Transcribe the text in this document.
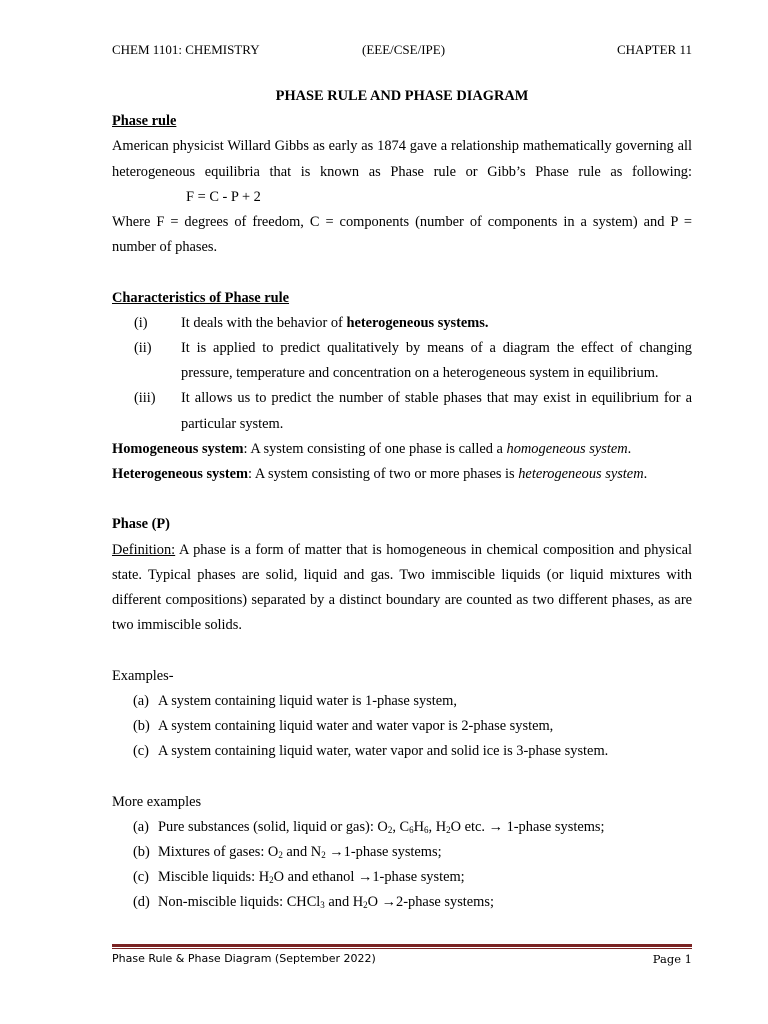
CHEM 1101: CHEMISTRY	(EEE/CSE/IPE)	CHAPTER 11

PHASE RULE AND PHASE DIAGRAM

Phase rule

American physicist Willard Gibbs as early as 1874 gave a relationship mathematically governing all heterogeneous equilibria that is known as Phase rule or Gibb’s Phase rule as following:F = C - P + 2

Where F = degrees of freedom, C = components (number of components in a system) and P = number of phases.

Characteristics of Phase rule

(i)	It deals with the behavior of heterogeneous systems.
(ii)	It is applied to predict qualitatively by means of a diagram the effect of changing pressure, temperature and concentration on a heterogeneous system in equilibrium.
(iii)	It allows us to predict the number of stable phases that may exist in equilibrium for a particular system.

Homogeneous system: A system consisting of one phase is called a homogeneous system.

Heterogeneous system: A system consisting of two or more phases is heterogeneous system.

Phase (P)

Definition: A phase is a form of matter that is homogeneous in chemical composition and physical state. Typical phases are solid, liquid and gas. Two immiscible liquids (or liquid mixtures with different compositions) separated by a distinct boundary are counted as two different phases, as are two immiscible solids.

Examples-

(a) A system containing liquid water is 1-phase system,
(b) A system containing liquid water and water vapor is 2-phase system,
(c) A system containing liquid water, water vapor and solid ice is 3-phase system.

More examples

(a) Pure substances (solid, liquid or gas): $O_2$, $C_6H_6$, $H_2O$ etc. → 1-phase systems;
(b) Mixtures of gases: $O_2$ and $N_2$ →1-phase systems;
(c) Miscible liquids: $H_2O$ and ethanol →1-phase system;
(d) Non-miscible liquids: CHCl$_3$ and $H_2O$ →2-phase systems;
Phase Rule & Phase Diagram (September 2022)	Page 1
